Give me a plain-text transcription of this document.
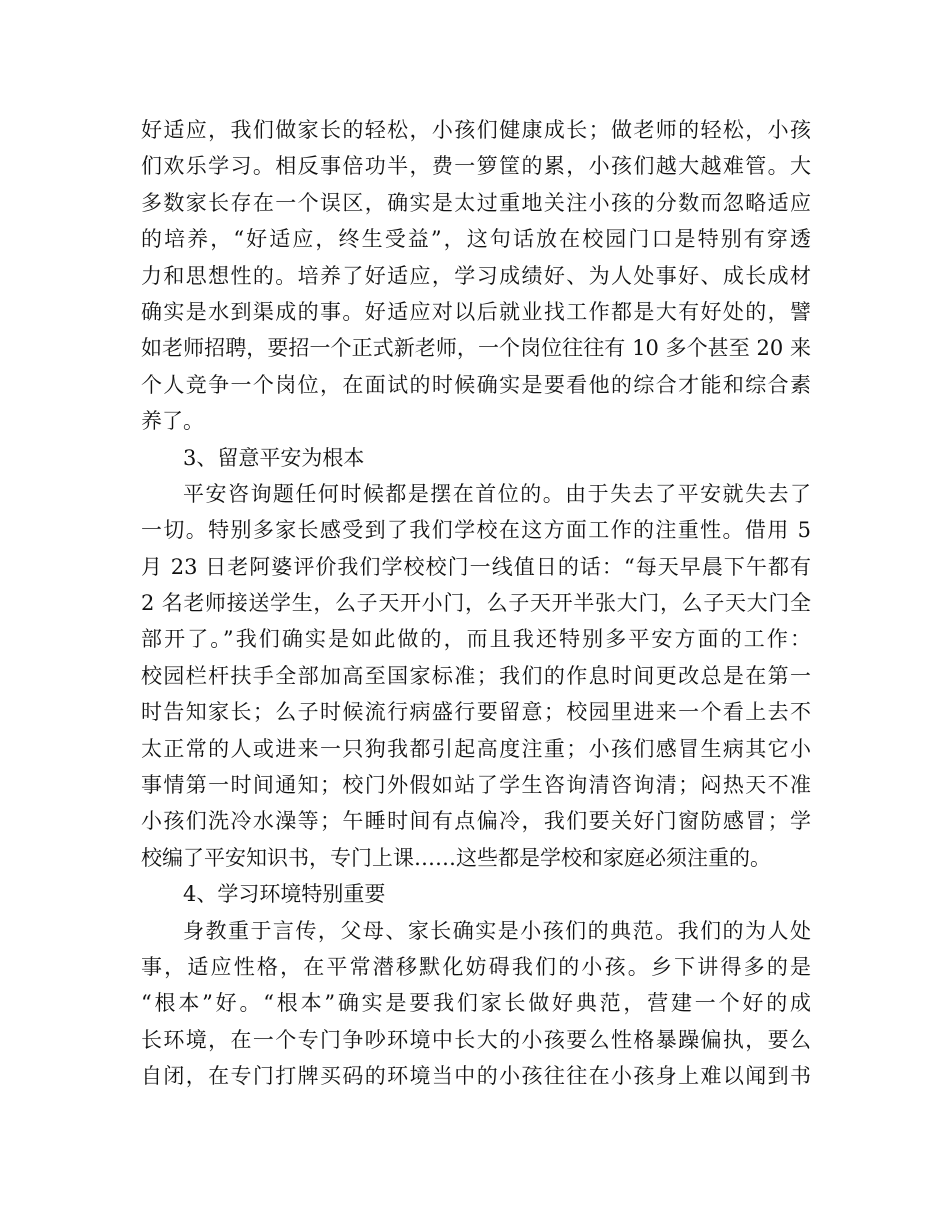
好适应，我们做家长的轻松，小孩们健康成长；做老师的轻松，小孩
们欢乐学习。相反事倍功半，费一箩筐的累，小孩们越大越难管。大
多数家长存在一个误区，确实是太过重地关注小孩的分数而忽略适应
的培养，“好适应，终生受益”，这句话放在校园门口是特别有穿透
力和思想性的。培养了好适应，学习成绩好、为人处事好、成长成材
确实是水到渠成的事。好适应对以后就业找工作都是大有好处的，譬
如老师招聘，要招一个正式新老师，一个岗位往往有 10 多个甚至 20 来
个人竞争一个岗位，在面试的时候确实是要看他的综合才能和综合素
养了。
3、留意平安为根本
平安咨询题任何时候都是摆在首位的。由于失去了平安就失去了
一切。特别多家长感受到了我们学校在这方面工作的注重性。借用 5
月 23 日老阿婆评价我们学校校门一线值日的话：“每天早晨下午都有
2 名老师接送学生，么子天开小门，么子天开半张大门，么子天大门全
部开了。”我们确实是如此做的，而且我还特别多平安方面的工作：
校园栏杆扶手全部加高至国家标准；我们的作息时间更改总是在第一
时告知家长；么子时候流行病盛行要留意；校园里进来一个看上去不
太正常的人或进来一只狗我都引起高度注重；小孩们感冒生病其它小
事情第一时间通知；校门外假如站了学生咨询清咨询清；闷热天不准
小孩们洗冷水澡等；午睡时间有点偏冷，我们要关好门窗防感冒；学
校编了平安知识书，专门上课……这些都是学校和家庭必须注重的。
4、学习环境特别重要
身教重于言传，父母、家长确实是小孩们的典范。我们的为人处
事，适应性格，在平常潜移默化妨碍我们的小孩。乡下讲得多的是
“根本”好。“根本”确实是要我们家长做好典范，营建一个好的成
长环境，在一个专门争吵环境中长大的小孩要么性格暴躁偏执，要么
自闭，在专门打牌买码的环境当中的小孩往往在小孩身上难以闻到书
